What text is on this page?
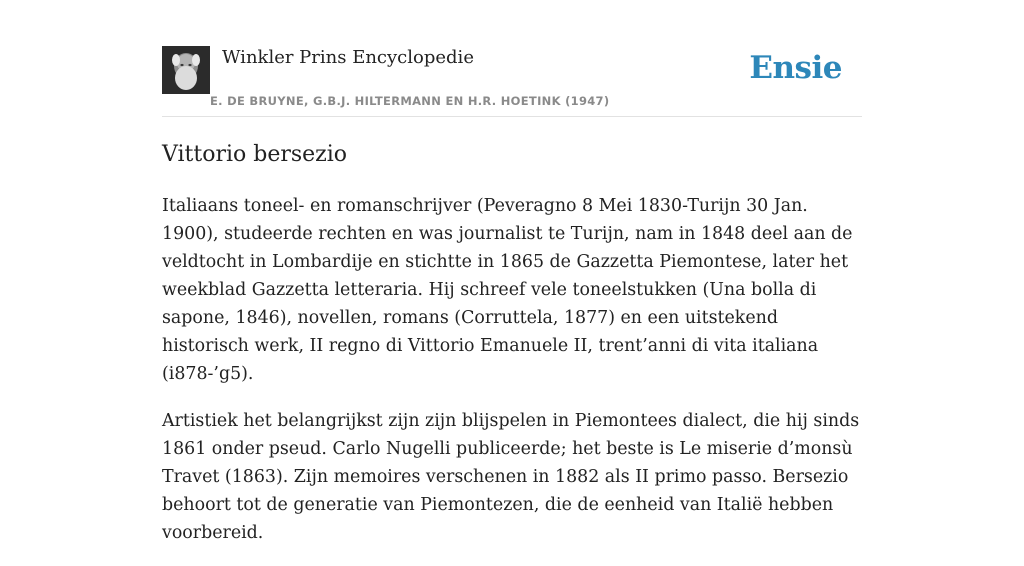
Winkler Prins Encyclopedie
E. DE BRUYNE, G.B.J. HILTERMANN EN H.R. HOETINK (1947)
Ensie
Vittorio bersezio

Italiaans toneel- en romanschrijver (Peveragno 8 Mei 1830-Turijn 30 Jan. 1900), studeerde rechten en was journalist te Turijn, nam in 1848 deel aan de veldtocht in Lombardije en stichtte in 1865 de Gazzetta Piemontese, later het weekblad Gazzetta letteraria. Hij schreef vele toneelstukken (Una bolla di sapone, 1846), novellen, romans (Corruttela, 1877) en een uitstekend historisch werk, II regno di Vittorio Emanuele II, trent’anni di vita italiana (i878-’g5).

Artistiek het belangrijkst zijn zijn blijspelen in Piemontees dialect, die hij sinds 1861 onder pseud. Carlo Nugelli publiceerde; het beste is Le miserie d’monsù Travet (1863). Zijn memoires verschenen in 1882 als II primo passo. Bersezio behoort tot de generatie van Piemontezen, die de eenheid van Italië hebben voorbereid.
